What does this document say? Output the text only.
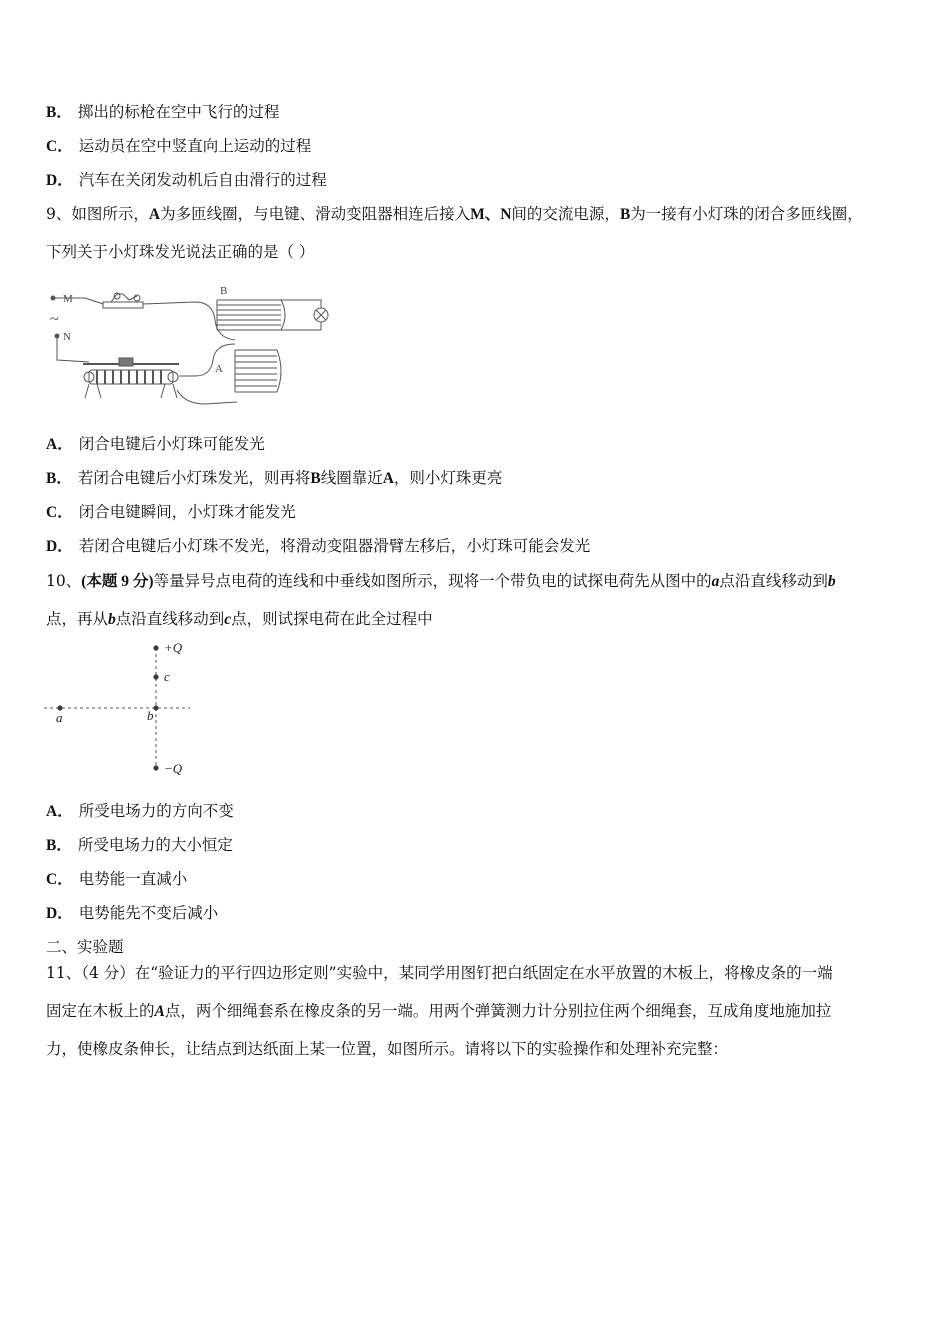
B． 掷出的标枪在空中飞行的过程
C． 运动员在空中竖直向上运动的过程
D． 汽车在关闭发动机后自由滑行的过程
9、如图所示，A为多匝线圈，与电键、滑动变阻器相连后接入M、N间的交流电源，B为一接有小灯珠的闭合多匝线圈，
下列关于小灯珠发光说法正确的是（ ）
M
B
~
N
A
A． 闭合电键后小灯珠可能发光
B． 若闭合电键后小灯珠发光，则再将B线圈靠近A，则小灯珠更亮
C． 闭合电键瞬间，小灯珠才能发光
D． 若闭合电键后小灯珠不发光，将滑动变阻器滑臂左移后，小灯珠可能会发光
10、(本题 9 分)等量异号点电荷的连线和中垂线如图所示，现将一个带负电的试探电荷先从图中的a点沿直线移动到b
点，再从b点沿直线移动到c点，则试探电荷在此全过程中
+Q
c
b
a
−Q
A． 所受电场力的方向不变
B． 所受电场力的大小恒定
C． 电势能一直减小
D． 电势能先不变后减小
二、实验题
11、（4 分）在“验证力的平行四边形定则”实验中，某同学用图钉把白纸固定在水平放置的木板上，将橡皮条的一端
固定在木板上的A点，两个细绳套系在橡皮条的另一端。用两个弹簧测力计分别拉住两个细绳套，互成角度地施加拉
力，使橡皮条伸长，让结点到达纸面上某一位置，如图所示。请将以下的实验操作和处理补充完整：
